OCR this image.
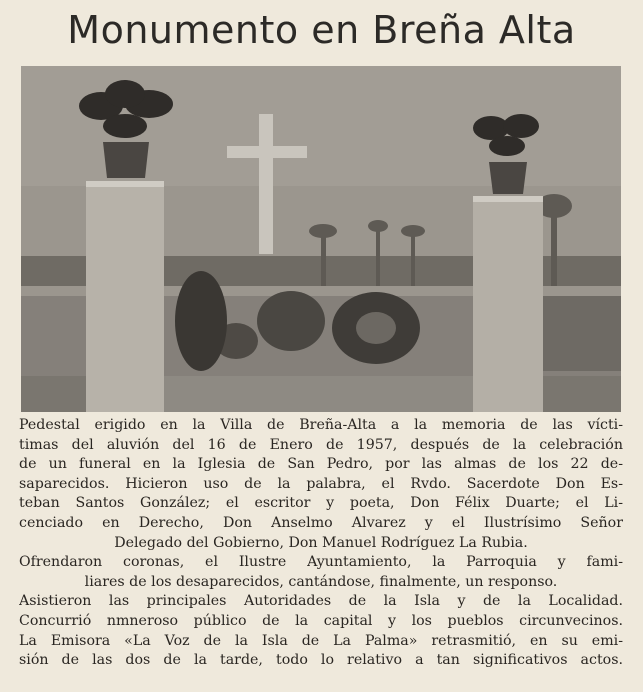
Monumento en Breña Alta
Pedestal erigido en la Villa de Breña-Alta a la memoria de las vícti-
timas del aluvión del 16 de Enero de 1957, después de la celebración
de un funeral en la Iglesia de San Pedro, por las almas de los 22 de-
saparecidos. Hicieron uso de la palabra, el Rvdo. Sacerdote Don Es-
teban Santos González; el escritor y poeta, Don Félix Duarte; el Li-
cenciado en Derecho, Don Anselmo Alvarez y el Ilustrísimo Señor
Delegado del Gobierno, Don Manuel Rodríguez La Rubia.
Ofrendaron coronas, el Ilustre Ayuntamiento, la Parroquia y fami-
liares de los desaparecidos, cantándose, finalmente, un responso.
Asistieron las principales Autoridades de la Isla y de la Localidad.
Concurrió nmneroso público de la capital y los pueblos circunvecinos.
La Emisora «La Voz de la Isla de La Palma» retrasmitió, en su emi-
sión de las dos de la tarde, todo lo relativo a tan significativos actos.
